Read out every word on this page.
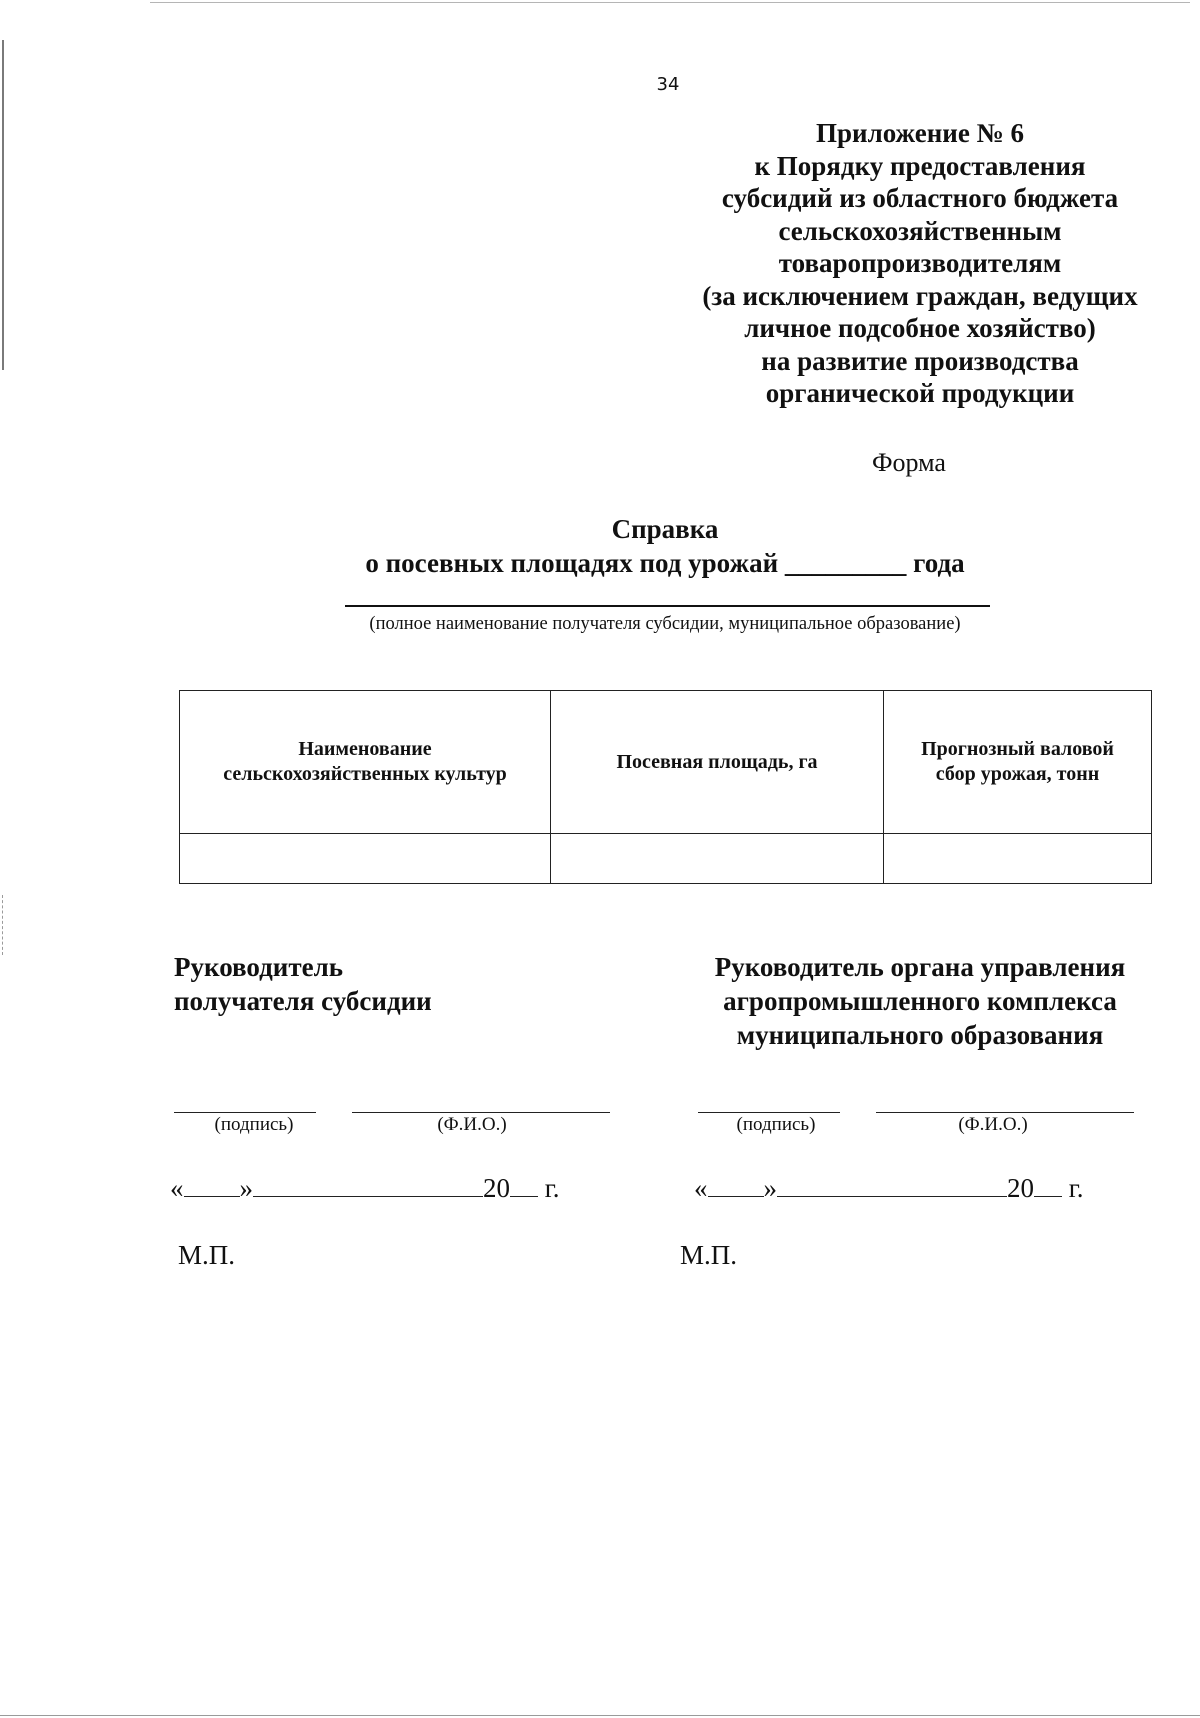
34
Приложение № 6
к Порядку предоставления
субсидий из областного бюджета
сельскохозяйственным
товаропроизводителям
(за исключением граждан, ведущих
личное подсобное хозяйство)
на развитие производства
органической продукции
Форма
Справка
о посевных площадях под урожай _________ года
(полное наименование получателя субсидии, муниципальное образование)
Наименование сельскохозяйственных культур	Посевная площадь, га	Прогнозный валовой сбор урожая, тонн

Руководитель
получателя субсидии
(подпись)	(Ф.И.О.)
« »	20 г.
М.П.
Руководитель органа управления
агропромышленного комплекса
муниципального образования
(подпись)	(Ф.И.О.)
« »	20 г.
М.П.
